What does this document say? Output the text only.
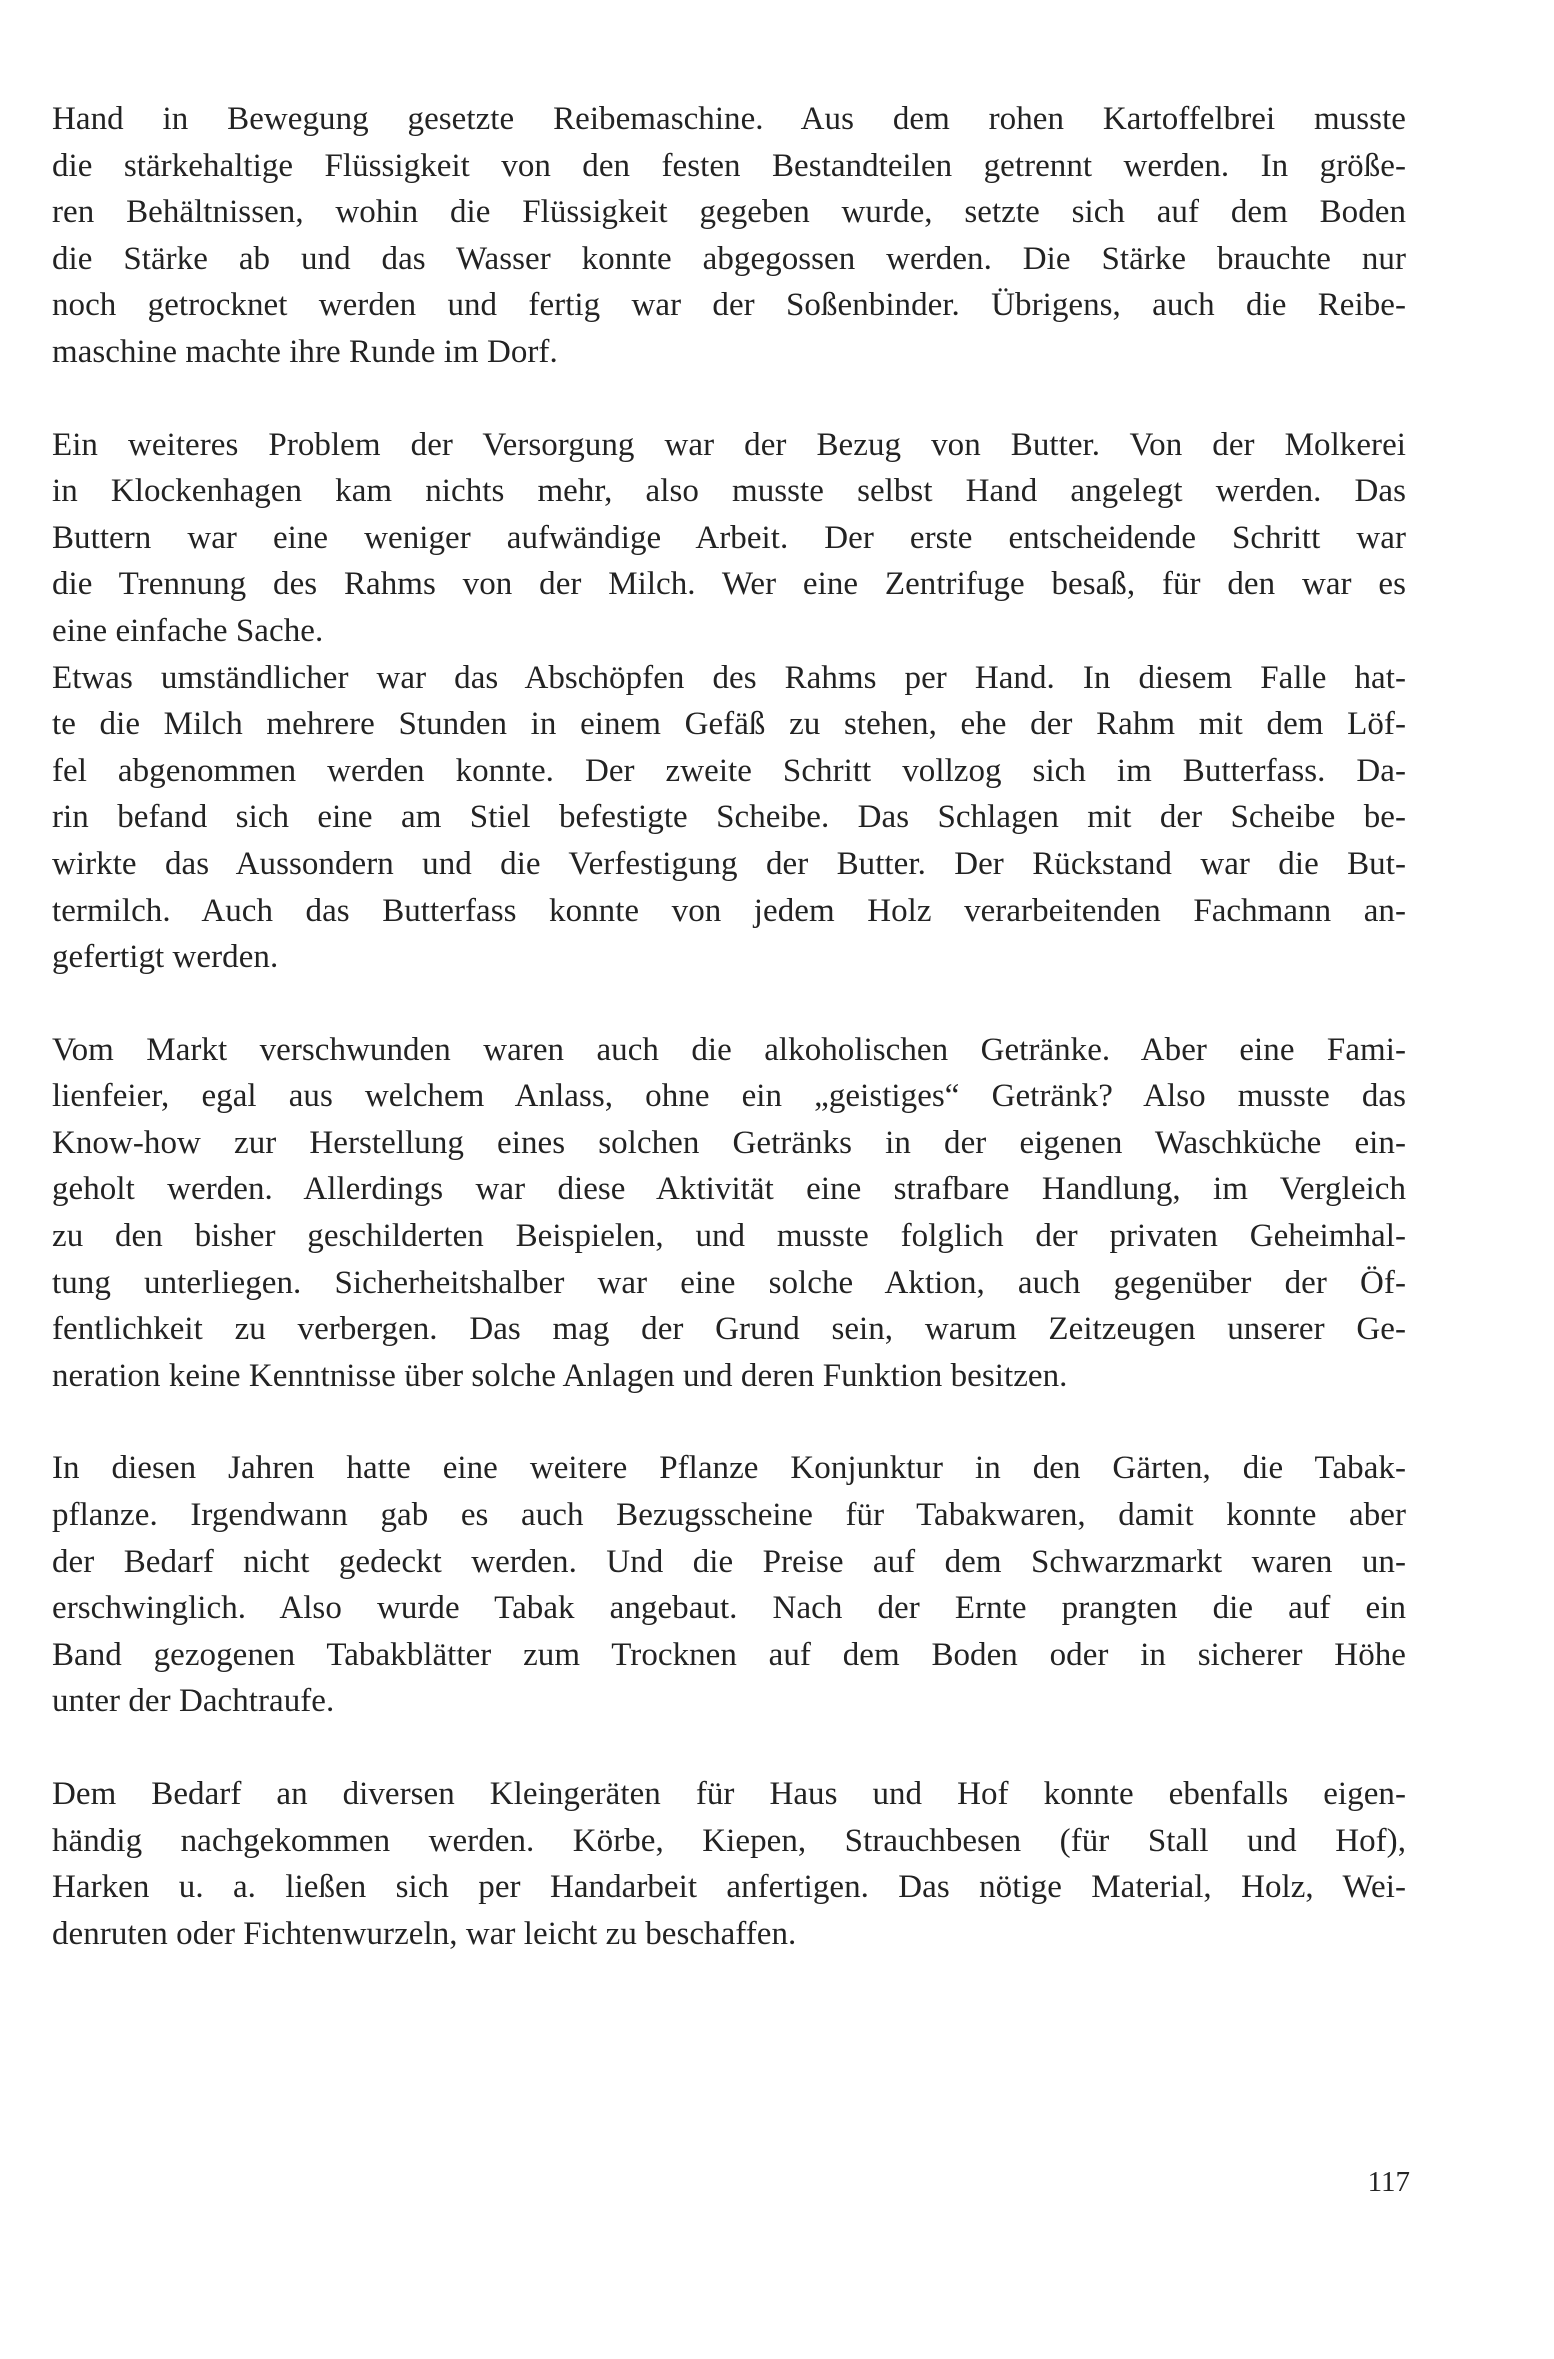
Hand in Bewegung gesetzte Reibemaschine. Aus dem rohen Kartoffelbrei musste
die stärkehaltige Flüssigkeit von den festen Bestandteilen getrennt werden. In größe-
ren Behältnissen, wohin die Flüssigkeit gegeben wurde, setzte sich auf dem Boden
die Stärke ab und das Wasser konnte abgegossen werden. Die Stärke brauchte nur
noch getrocknet werden und fertig war der Soßenbinder. Übrigens, auch die Reibe-
maschine machte ihre Runde im Dorf.
Ein weiteres Problem der Versorgung war der Bezug von Butter. Von der Molkerei
in Klockenhagen kam nichts mehr, also musste selbst Hand angelegt werden. Das
Buttern war eine weniger aufwändige Arbeit. Der erste entscheidende Schritt war
die Trennung des Rahms von der Milch. Wer eine Zentrifuge besaß, für den war es
eine einfache Sache.
Etwas umständlicher war das Abschöpfen des Rahms per Hand. In diesem Falle hat-
te die Milch mehrere Stunden in einem Gefäß zu stehen, ehe der Rahm mit dem Löf-
fel abgenommen werden konnte. Der zweite Schritt vollzog sich im Butterfass. Da-
rin befand sich eine am Stiel befestigte Scheibe. Das Schlagen mit der Scheibe be-
wirkte das Aussondern und die Verfestigung der Butter. Der Rückstand war die But-
termilch. Auch das Butterfass konnte von jedem Holz verarbeitenden Fachmann an-
gefertigt werden.
Vom Markt verschwunden waren auch die alkoholischen Getränke. Aber eine Fami-
lienfeier, egal aus welchem Anlass, ohne ein „geistiges“ Getränk? Also musste das
Know-how zur Herstellung eines solchen Getränks in der eigenen Waschküche ein-
geholt werden. Allerdings war diese Aktivität eine strafbare Handlung, im Vergleich
zu den bisher geschilderten Beispielen, und musste folglich der privaten Geheimhal-
tung unterliegen. Sicherheitshalber war eine solche Aktion, auch gegenüber der Öf-
fentlichkeit zu verbergen. Das mag der Grund sein, warum Zeitzeugen unserer Ge-
neration keine Kenntnisse über solche Anlagen und deren Funktion besitzen.
In diesen Jahren hatte eine weitere Pflanze Konjunktur in den Gärten, die Tabak-
pflanze. Irgendwann gab es auch Bezugsscheine für Tabakwaren, damit konnte aber
der Bedarf nicht gedeckt werden. Und die Preise auf dem Schwarzmarkt waren un-
erschwinglich. Also wurde Tabak angebaut. Nach der Ernte prangten die auf ein
Band gezogenen Tabakblätter zum Trocknen auf dem Boden oder in sicherer Höhe
unter der Dachtraufe.
Dem Bedarf an diversen Kleingeräten für Haus und Hof konnte ebenfalls eigen-
händig nachgekommen werden. Körbe, Kiepen, Strauchbesen (für Stall und Hof),
Harken u. a. ließen sich per Handarbeit anfertigen. Das nötige Material, Holz, Wei-
denruten oder Fichtenwurzeln, war leicht zu beschaffen.
117
